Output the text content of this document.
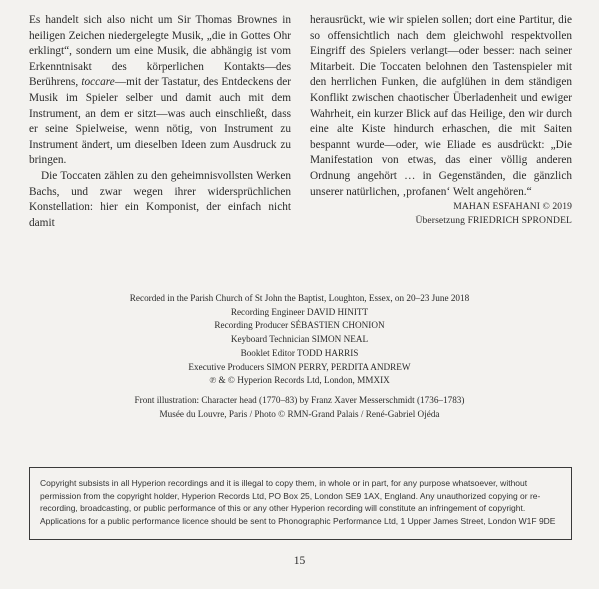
Es handelt sich also nicht um Sir Thomas Brownes in heiligen Zeichen niedergelegte Musik, „die in Gottes Ohr erklingt“, sondern um eine Musik, die abhängig ist vom Erkenntnisakt des körperlichen Kontakts—des Berührens, toccare—mit der Tastatur, des Entdeckens der Musik im Spieler selber und damit auch mit dem Instrument, an dem er sitzt—was auch einschließt, dass er seine Spielweise, wenn nötig, von Instrument zu Instrument ändert, um dieselben Ideen zum Ausdruck zu bringen.

Die Toccaten zählen zu den geheimnisvollsten Werken Bachs, und zwar wegen ihrer widersprüchlichen Konstellation: hier ein Komponist, der einfach nicht damit

herausrückt, wie wir spielen sollen; dort eine Partitur, die so offensichtlich nach dem gleichwohl respektvollen Eingriff des Spielers verlangt—oder besser: nach seiner Mitarbeit. Die Toccaten belohnen den Tastenspieler mit den herrlichen Funken, die aufglühen in dem ständigen Konflikt zwischen chaotischer Überladenheit und ewiger Wahrheit, ein kurzer Blick auf das Heilige, den wir durch eine alte Kiste hindurch erhaschen, die mit Saiten bespannt wurde—oder, wie Eliade es ausdrückt: „Die Manifestation von etwas, das einer völlig anderen Ordnung angehört … in Gegenständen, die gänzlich unserer natürlichen, ‚profanen‘ Welt angehören.“

MAHAN ESFAHANI © 2019
Übersetzung FRIEDRICH SPRONDEL
Recorded in the Parish Church of St John the Baptist, Loughton, Essex, on 20–23 June 2018
Recording Engineer DAVID HINITT
Recording Producer SÉBASTIEN CHONION
Keyboard Technician SIMON NEAL
Booklet Editor TODD HARRIS
Executive Producers SIMON PERRY, PERDITA ANDREW
℗ & © Hyperion Records Ltd, London, MMXIX
Front illustration: Character head (1770–83) by Franz Xaver Messerschmidt (1736–1783)
Musée du Louvre, Paris / Photo © RMN-Grand Palais / René-Gabriel Ojéda
Copyright subsists in all Hyperion recordings and it is illegal to copy them, in whole or in part, for any purpose whatsoever, without permission from the copyright holder, Hyperion Records Ltd, PO Box 25, London SE9 1AX, England. Any unauthorized copying or re-recording, broadcasting, or public performance of this or any other Hyperion recording will constitute an infringement of copyright. Applications for a public performance licence should be sent to Phonographic Performance Ltd, 1 Upper James Street, London W1F 9DE
15
